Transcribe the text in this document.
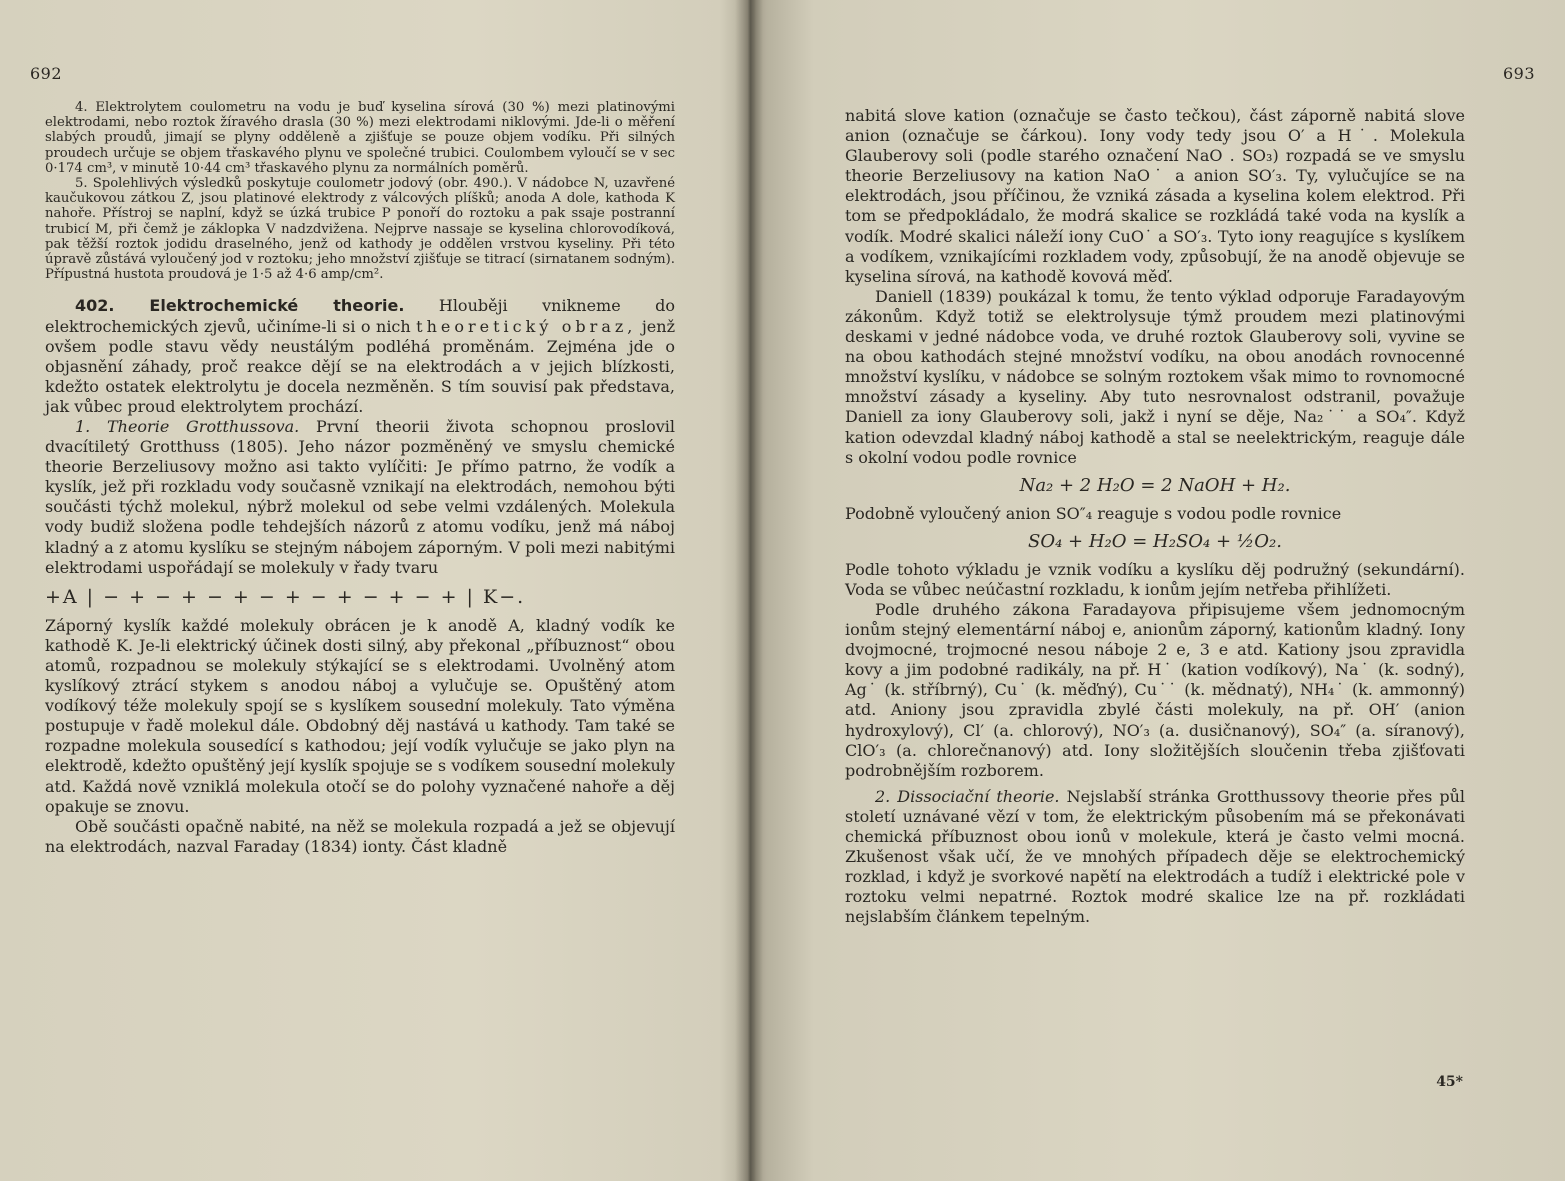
692

4. Elektrolytem coulometru na vodu je buď kyselina sírová (30 %) mezi platinovými elektrodami, nebo roztok žíravého drasla (30 %) mezi elektrodami niklovými. Jde-li o měření slabých proudů, jimají se plyny odděleně a zjišťuje se pouze objem vodíku. Při silných proudech určuje se objem třaskavého plynu ve společné trubici. Coulombem vyloučí se v sec 0·174 cm³, v minutě 10·44 cm³ třaskavého plynu za normálních poměrů.

5. Spolehlivých výsledků poskytuje coulometr jodový (obr. 490.). V nádobce N, uzavřené kaučukovou zátkou Z, jsou platinové elektrody z válcových plíšků; anoda A dole, kathoda K nahoře. Přístroj se naplní, když se úzká trubice P ponoří do roztoku a pak ssaje postranní trubicí M, při čemž je záklopka V nadzdvižena. Nejprve nassaje se kyselina chlorovodíková, pak těžší roztok jodidu draselného, jenž od kathody je oddělen vrstvou kyseliny. Při této úpravě zůstává vyloučený jod v roztoku; jeho množství zjišťuje se titrací (sirnatanem sodným). Přípustná hustota proudová je 1·5 až 4·6 amp/cm².

402. Elektrochemické theorie. Hlouběji vnikneme do elektrochemických zjevů, učiníme-li si o nich theoretický obraz, jenž ovšem podle stavu vědy neustálým podléhá proměnám. Zejména jde o objasnění záhady, proč reakce dějí se na elektrodách a v jejich blízkosti, kdežto ostatek elektrolytu je docela nezměněn. S tím souvisí pak představa, jak vůbec proud elektrolytem prochází.

1. Theorie Grotthussova. První theorii života schopnou proslovil dvacítiletý Grotthuss (1805). Jeho názor pozměněný ve smyslu chemické theorie Berzeliusovy možno asi takto vylíčiti: Je přímo patrno, že vodík a kyslík, jež při rozkladu vody současně vznikají na elektrodách, nemohou býti součásti týchž molekul, nýbrž molekul od sebe velmi vzdálených. Molekula vody budiž složena podle tehdejších názorů z atomu vodíku, jenž má náboj kladný a z atomu kyslíku se stejným nábojem záporným. V poli mezi nabitými elektrodami uspořádají se molekuly v řady tvaru

+A | − + − + − + − + − + − + − + | K−.

Záporný kyslík každé molekuly obrácen je k anodě A, kladný vodík ke kathodě K. Je-li elektrický účinek dosti silný, aby překonal „příbuznost“ obou atomů, rozpadnou se molekuly stýkající se s elektrodami. Uvolněný atom kyslíkový ztrácí stykem s anodou náboj a vylučuje se. Opuštěný atom vodíkový téže molekuly spojí se s kyslíkem sousední molekuly. Tato výměna postupuje v řadě molekul dále. Obdobný děj nastává u kathody. Tam také se rozpadne molekula sousedící s kathodou; její vodík vylučuje se jako plyn na elektrodě, kdežto opuštěný její kyslík spojuje se s vodíkem sousední molekuly atd. Každá nově vzniklá molekula otočí se do polohy vyznačené nahoře a děj opakuje se znovu.

Obě součásti opačně nabité, na něž se molekula rozpadá a jež se objevují na elektrodách, nazval Faraday (1834) ionty. Část kladně

693

nabitá slove kation (označuje se často tečkou), část záporně nabitá slove anion (označuje se čárkou). Iony vody tedy jsou O′ a H˙. Molekula Glauberovy soli (podle starého označení NaO . SO₃) rozpadá se ve smyslu theorie Berzeliusovy na kation NaO˙ a anion SO′₃. Ty, vylučujíce se na elektrodách, jsou příčinou, že vzniká zásada a kyselina kolem elektrod. Při tom se předpokládalo, že modrá skalice se rozkládá také voda na kyslík a vodík. Modré skalici náleží iony CuO˙ a SO′₃. Tyto iony reagujíce s kyslíkem a vodíkem, vznikajícími rozkladem vody, způsobují, že na anodě objevuje se kyselina sírová, na kathodě kovová měď.

Daniell (1839) poukázal k tomu, že tento výklad odporuje Faradayovým zákonům. Když totiž se elektrolysuje týmž proudem mezi platinovými deskami v jedné nádobce voda, ve druhé roztok Glauberovy soli, vyvine se na obou kathodách stejné množství vodíku, na obou anodách rovnocenné množství kyslíku, v nádobce se solným roztokem však mimo to rovnomocné množství zásady a kyseliny. Aby tuto nesrovnalost odstranil, považuje Daniell za iony Glauberovy soli, jakž i nyní se děje, Na₂˙˙ a SO₄″. Když kation odevzdal kladný náboj kathodě a stal se neelektrickým, reaguje dále s okolní vodou podle rovnice

Na₂ + 2 H₂O = 2 NaOH + H₂.

Podobně vyloučený anion SO″₄ reaguje s vodou podle rovnice

SO₄ + H₂O = H₂SO₄ + ½O₂.

Podle tohoto výkladu je vznik vodíku a kyslíku děj podružný (sekundární). Voda se vůbec neúčastní rozkladu, k ionům jejím netřeba přihlížeti.

Podle druhého zákona Faradayova připisujeme všem jednomocným ionům stejný elementární náboj e, anionům záporný, kationům kladný. Iony dvojmocné, trojmocné nesou náboje 2 e, 3 e atd. Kationy jsou zpravidla kovy a jim podobné radikály, na př. H˙ (kation vodíkový), Na˙ (k. sodný), Ag˙ (k. stříbrný), Cu˙ (k. měďný), Cu˙˙ (k. mědnatý), NH₄˙ (k. ammonný) atd. Aniony jsou zpravidla zbylé části molekuly, na př. OH′ (anion hydroxylový), Cl′ (a. chlorový), NO′₃ (a. dusičnanový), SO₄″ (a. síranový), ClO′₃ (a. chlorečnanový) atd. Iony složitějších sloučenin třeba zjišťovati podrobnějším rozborem.

2. Dissociační theorie. Nejslabší stránka Grotthussovy theorie přes půl století uznávané vězí v tom, že elektrickým působením má se překonávati chemická příbuznost obou ionů v molekule, která je často velmi mocná. Zkušenost však učí, že ve mnohých případech děje se elektrochemický rozklad, i když je svorkové napětí na elektrodách a tudíž i elektrické pole v roztoku velmi nepatrné. Roztok modré skalice lze na př. rozkládati nejslabším článkem tepelným.

45*
